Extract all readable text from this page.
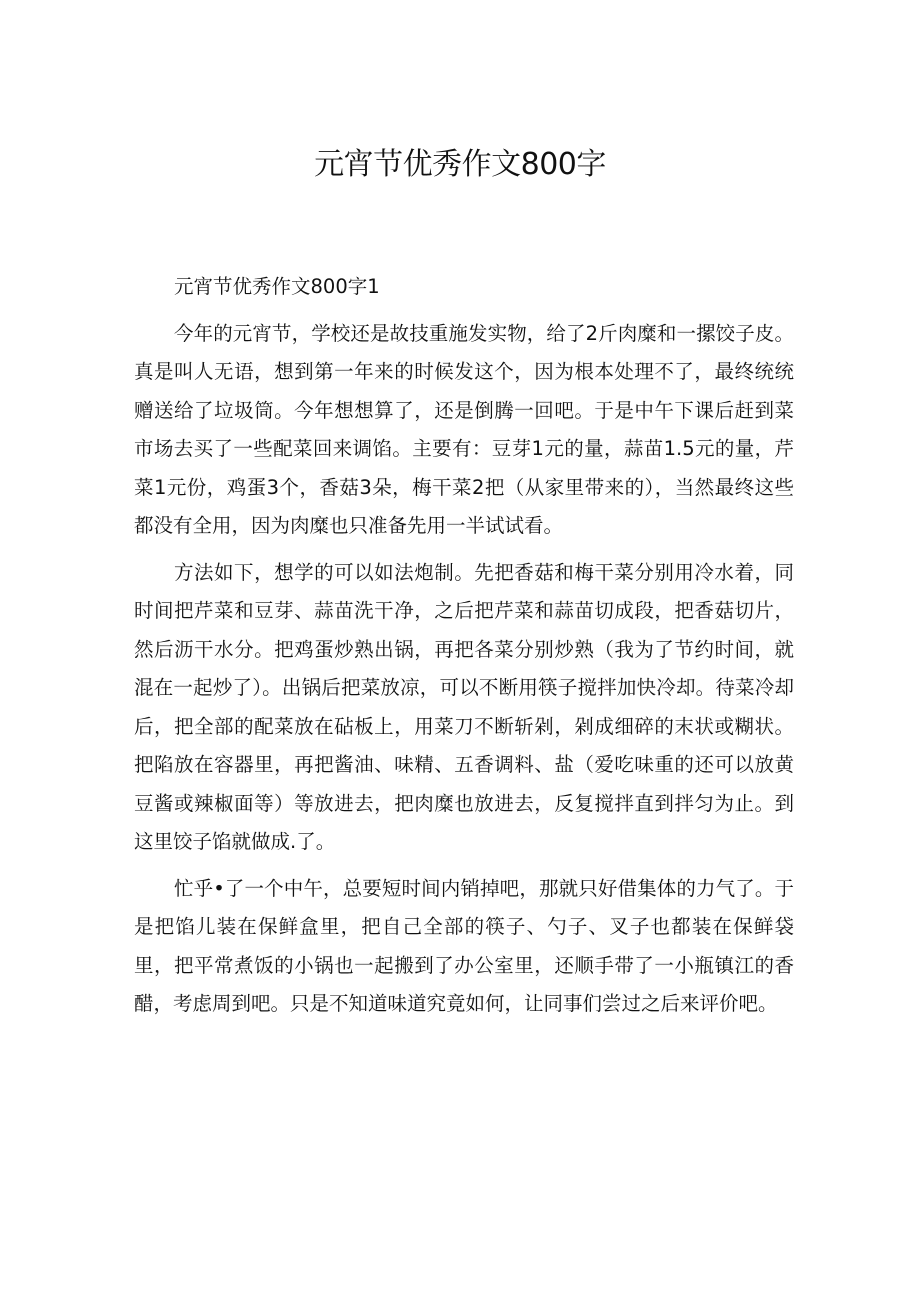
元宵节优秀作文800字

元宵节优秀作文800字1

今年的元宵节，学校还是故技重施发实物，给了2斤肉糜和一摞饺子皮。真是叫人无语，想到第一年来的时候发这个，因为根本处理不了，最终统统赠送给了垃圾筒。今年想想算了，还是倒腾一回吧。于是中午下课后赶到菜市场去买了一些配菜回来调馅。主要有：豆芽1元的量，蒜苗1.5元的量，芹菜1元份，鸡蛋3个，香菇3朵，梅干菜2把（从家里带来的），当然最终这些都没有全用，因为肉糜也只准备先用一半试试看。

方法如下，想学的可以如法炮制。先把香菇和梅干菜分别用冷水着，同时间把芹菜和豆芽、蒜苗洗干净，之后把芹菜和蒜苗切成段，把香菇切片，然后沥干水分。把鸡蛋炒熟出锅，再把各菜分别炒熟（我为了节约时间，就混在一起炒了）。出锅后把菜放凉，可以不断用筷子搅拌加快冷却。待菜冷却后，把全部的配菜放在砧板上，用菜刀不断斩剁，剁成细碎的末状或糊状。把陷放在容器里，再把酱油、味精、五香调料、盐（爱吃味重的还可以放黄豆酱或辣椒面等）等放进去，把肉糜也放进去，反复搅拌直到拌匀为止。到这里饺子馅就做成.了。

忙乎•了一个中午，总要短时间内销掉吧，那就只好借集体的力气了。于是把馅儿装在保鲜盒里，把自己全部的筷子、勺子、叉子也都装在保鲜袋里，把平常煮饭的小锅也一起搬到了办公室里，还顺手带了一小瓶镇江的香醋，考虑周到吧。只是不知道味道究竟如何，让同事们尝过之后来评价吧。
